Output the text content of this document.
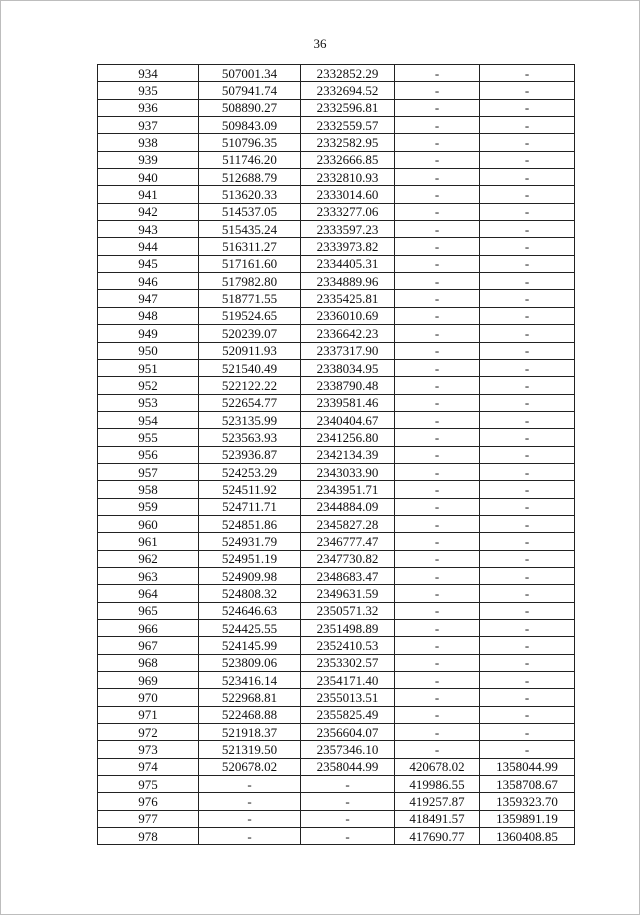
36
934	507001.34	2332852.29	-	-
935	507941.74	2332694.52	-	-
936	508890.27	2332596.81	-	-
937	509843.09	2332559.57	-	-
938	510796.35	2332582.95	-	-
939	511746.20	2332666.85	-	-
940	512688.79	2332810.93	-	-
941	513620.33	2333014.60	-	-
942	514537.05	2333277.06	-	-
943	515435.24	2333597.23	-	-
944	516311.27	2333973.82	-	-
945	517161.60	2334405.31	-	-
946	517982.80	2334889.96	-	-
947	518771.55	2335425.81	-	-
948	519524.65	2336010.69	-	-
949	520239.07	2336642.23	-	-
950	520911.93	2337317.90	-	-
951	521540.49	2338034.95	-	-
952	522122.22	2338790.48	-	-
953	522654.77	2339581.46	-	-
954	523135.99	2340404.67	-	-
955	523563.93	2341256.80	-	-
956	523936.87	2342134.39	-	-
957	524253.29	2343033.90	-	-
958	524511.92	2343951.71	-	-
959	524711.71	2344884.09	-	-
960	524851.86	2345827.28	-	-
961	524931.79	2346777.47	-	-
962	524951.19	2347730.82	-	-
963	524909.98	2348683.47	-	-
964	524808.32	2349631.59	-	-
965	524646.63	2350571.32	-	-
966	524425.55	2351498.89	-	-
967	524145.99	2352410.53	-	-
968	523809.06	2353302.57	-	-
969	523416.14	2354171.40	-	-
970	522968.81	2355013.51	-	-
971	522468.88	2355825.49	-	-
972	521918.37	2356604.07	-	-
973	521319.50	2357346.10	-	-
974	520678.02	2358044.99	420678.02	1358044.99
975	-	-	419986.55	1358708.67
976	-	-	419257.87	1359323.70
977	-	-	418491.57	1359891.19
978	-	-	417690.77	1360408.85
